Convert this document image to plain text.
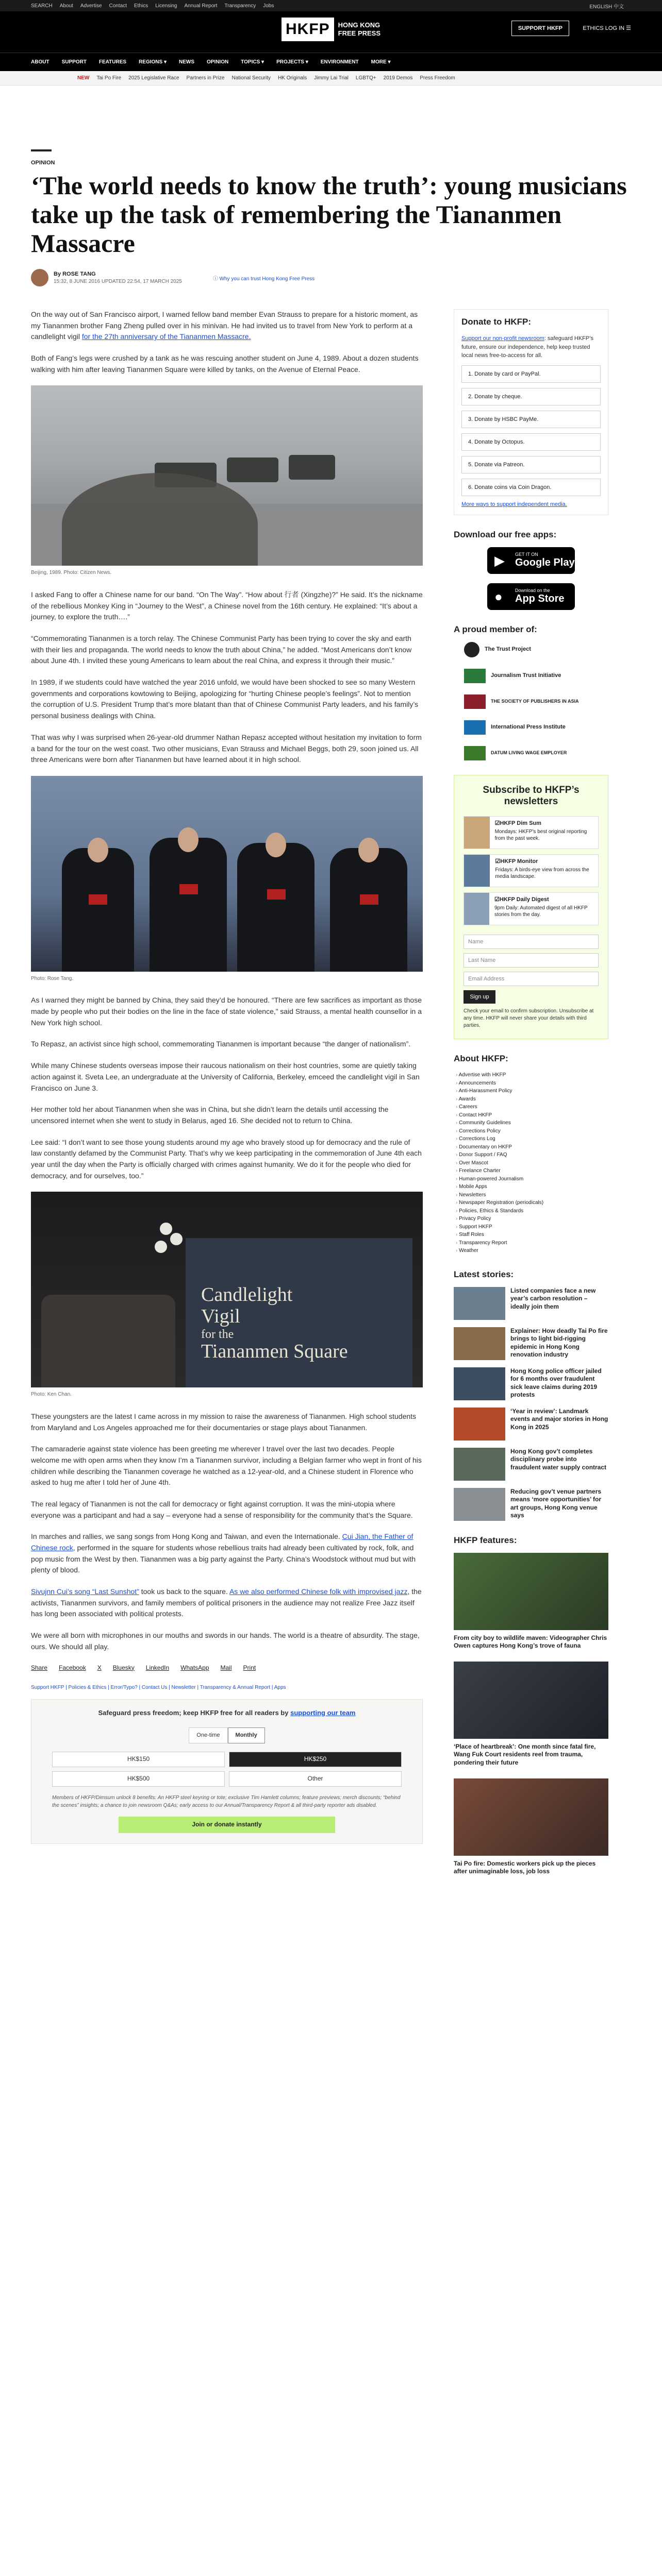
SEARCH About Advertise Contact Ethics Licensing Annual Report Transparency Jobs	ENGLISH 中文
HKFP	HONG KONG
FREE PRESS
SUPPORT HKFP	ETHICS LOG IN ☰
ABOUT SUPPORT FEATURES REGIONS ▾ NEWS OPINION TOPICS ▾ PROJECTS ▾ ENVIRONMENT MORE ▾
NEW Tai Po Fire 2025 Legislative Race Partners in Prize National Security HK Originals Jimmy Lai Trial LGBTQ+ 2019 Demos Press Freedom
OPINION
‘The world needs to know the truth’: young musicians take up the task of remembering the Tiananmen Massacre
By ROSE TANG
15:32, 8 JUNE 2016 UPDATED 22:54, 17 MARCH 2025	ⓘ Why you can trust Hong Kong Free Press

On the way out of San Francisco airport, I warned fellow band member Evan Strauss to prepare for a historic moment, as my Tiananmen brother Fang Zheng pulled over in his minivan. He had invited us to travel from New York to perform at a candlelight vigil for the 27th anniversary of the Tiananmen Massacre.

Both of Fang’s legs were crushed by a tank as he was rescuing another student on June 4, 1989. About a dozen students walking with him after leaving Tiananmen Square were killed by tanks, on the Avenue of Eternal Peace.

Beijing, 1989. Photo: Citizen News.

I asked Fang to offer a Chinese name for our band. “On The Way”. “How about 行者 (Xingzhe)?” He said. It’s the nickname of the rebellious Monkey King in “Journey to the West”, a Chinese novel from the 16th century. He explained: “It’s about a journey, to explore the truth….”

“Commemorating Tiananmen is a torch relay. The Chinese Communist Party has been trying to cover the sky and earth with their lies and propaganda. The world needs to know the truth about China,” he added. “Most Americans don’t know about June 4th. I invited these young Americans to learn about the real China, and express it through their music.”

In 1989, if we students could have watched the year 2016 unfold, we would have been shocked to see so many Western governments and corporations kowtowing to Beijing, apologizing for “hurting Chinese people’s feelings”. Not to mention the corruption of U.S. President Trump that’s more blatant than that of Chinese Communist Party leaders, and his family’s personal business dealings with China.

That was why I was surprised when 26-year-old drummer Nathan Repasz accepted without hesitation my invitation to form a band for the tour on the west coast. Two other musicians, Evan Strauss and Michael Beggs, both 29, soon joined us. All three Americans were born after Tiananmen but have learned about it in high school.

Photo: Rose Tang.

As I warned they might be banned by China, they said they’d be honoured. “There are few sacrifices as important as those made by people who put their bodies on the line in the face of state violence,” said Strauss, a mental health counsellor in a New York high school.

To Repasz, an activist since high school, commemorating Tiananmen is important because “the danger of nationalism”.

While many Chinese students overseas impose their raucous nationalism on their host countries, some are quietly taking action against it. Sveta Lee, an undergraduate at the University of California, Berkeley, emceed the candlelight vigil in San Francisco on June 3.

Her mother told her about Tiananmen when she was in China, but she didn’t learn the details until accessing the uncensored internet when she went to study in Belarus, aged 16. She decided not to return to China.

Lee said: “I don’t want to see those young students around my age who bravely stood up for democracy and the rule of law constantly defamed by the Communist Party. That’s why we keep participating in the commemoration of June 4th each year until the day when the Party is officially charged with crimes against humanity. We do it for the people who died for democracy, and for ourselves, too.”

Candlelight
Vigil
for the
Tiananmen Square
Photo: Ken Chan.

These youngsters are the latest I came across in my mission to raise the awareness of Tiananmen. High school students from Maryland and Los Angeles approached me for their documentaries or stage plays about Tiananmen.

The camaraderie against state violence has been greeting me wherever I travel over the last two decades. People welcome me with open arms when they know I’m a Tiananmen survivor, including a Belgian farmer who wept in front of his children while describing the Tiananmen coverage he watched as a 12-year-old, and a Chinese student in Florence who asked to hug me after I told her of June 4th.

The real legacy of Tiananmen is not the call for democracy or fight against corruption. It was the mini-utopia where everyone was a participant and had a say – everyone had a sense of responsibility for the community that’s the Square.

In marches and rallies, we sang songs from Hong Kong and Taiwan, and even the Internationale. Cui Jian, the Father of Chinese rock, performed in the square for students whose rebellious traits had already been cultivated by rock, folk, and pop music from the West by then. Tiananmen was a big party against the Party. China’s Woodstock without mud but with plenty of blood.

Sivujnn Cui’s song “Last Sunshot” took us back to the square. As we also performed Chinese folk with improvised jazz, the activists, Tiananmen survivors, and family members of political prisoners in the audience may not realize Free Jazz itself has long been associated with political protests.

We were all born with microphones in our mouths and swords in our hands. The world is a theatre of absurdity. The stage, ours. We should all play.

Share Facebook X Bluesky LinkedIn WhatsApp Mail Print
Support HKFP | Policies & Ethics | Error/Typo? | Contact Us | Newsletter | Transparency & Annual Report | Apps
Safeguard press freedom; keep HKFP free for all readers by supporting our team
One-time	Monthly
HK$150	HK$250
HK$500	Other
Members of HKFP/Dimsum unlock 8 benefits: An HKFP steel keyring or tote; exclusive Tim Hamlett columns; feature previews; merch discounts; “behind the scenes” insights; a chance to join newsroom Q&As; early access to our Annual/Transparency Report & all third-party reporter ads disabled.
Join or donate instantly
Donate to HKFP:

Support our non-profit newsroom: safeguard HKFP’s future, ensure our independence, help keep trusted local news free-to-access for all.

1. Donate by card or PayPal.
2. Donate by cheque.
3. Donate by HSBC PayMe.
4. Donate by Octopus.
5. Donate via Patreon.
6. Donate coins via Coin Dragon.
More ways to support independent media.
Download our free apps:
▶	GET IT ON
Google Play
●	Download on the
App Store
A proud member of:
The Trust Project
Journalism Trust Initiative
THE SOCIETY OF PUBLISHERS IN ASIA
International Press Institute
DATUM LIVING WAGE EMPLOYER
Subscribe to HKFP’s newsletters
☑ HKFP Dim Sum
Mondays: HKFP’s best original reporting from the past week.
☑ HKFP Monitor
Fridays: A birds-eye view from across the media landscape.
☑ HKFP Daily Digest
9pm Daily: Automated digest of all HKFP stories from the day.
Name
Last Name
Email Address
Sign up
Check your email to confirm subscription. Unsubscribe at any time. HKFP will never share your details with third parties.
About HKFP:
› Advertise with HKFP
› Announcements
› Anti-Harassment Policy
› Awards
› Careers
› Contact HKFP
› Community Guidelines
› Corrections Policy
› Corrections Log
› Documentary on HKFP
› Donor Support / FAQ
› Over Mascot
› Freelance Charter
› Human-powered Journalism
› Mobile Apps
› Newsletters
› Newspaper Registration (periodicals)
› Policies, Ethics & Standards
› Privacy Policy
› Support HKFP
› Staff Roles
› Transparency Report
› Weather
Latest stories:
Listed companies face a new year’s carbon resolution – ideally join them
Explainer: How deadly Tai Po fire brings to light bid-rigging epidemic in Hong Kong renovation industry
Hong Kong police officer jailed for 6 months over fraudulent sick leave claims during 2019 protests
‘Year in review’: Landmark events and major stories in Hong Kong in 2025
Hong Kong gov’t completes disciplinary probe into fraudulent water supply contract
Reducing gov’t venue partners means ‘more opportunities’ for art groups, Hong Kong venue says
HKFP features:
From city boy to wildlife maven: Videographer Chris Owen captures Hong Kong’s trove of fauna
‘Place of heartbreak’: One month since fatal fire, Wang Fuk Court residents reel from trauma, pondering their future
Tai Po fire: Domestic workers pick up the pieces after unimaginable loss, job loss
